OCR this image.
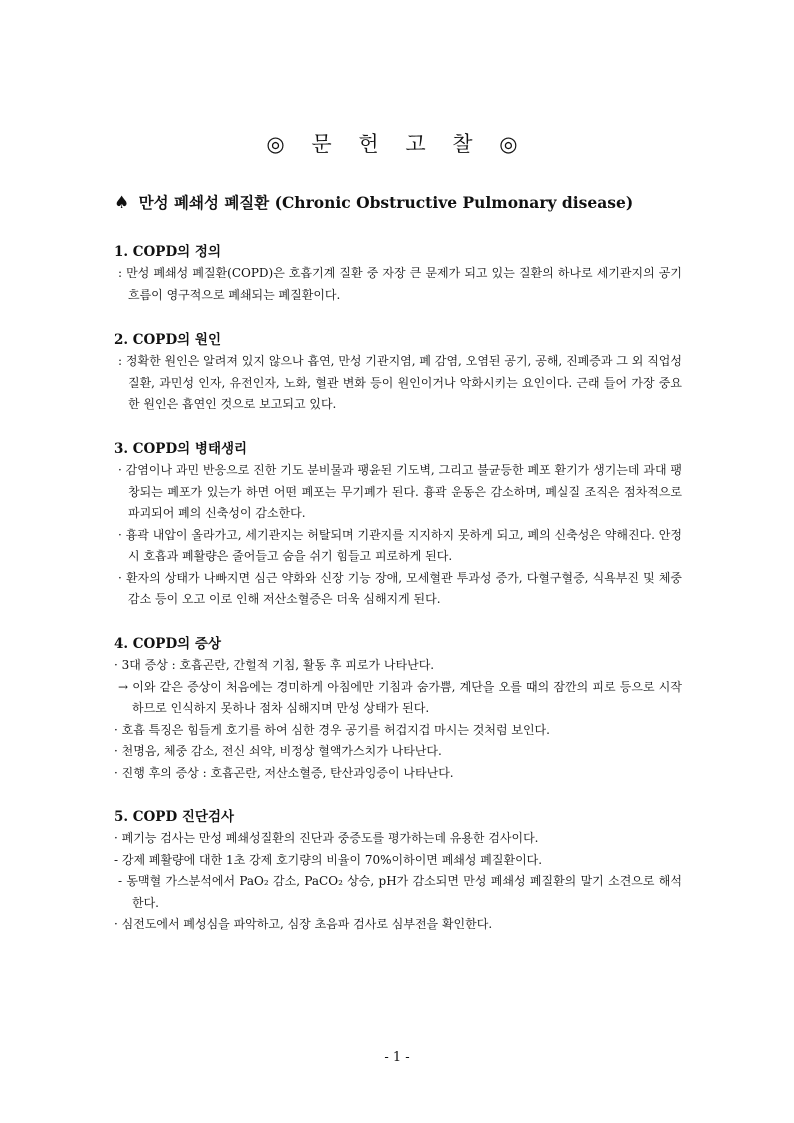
◎ 문 헌 고 찰 ◎
♠ 만성 폐쇄성 폐질환 (Chronic Obstructive Pulmonary disease)
1. COPD의 정의
: 만성 폐쇄성 폐질환(COPD)은 호흡기계 질환 중 자장 큰 문제가 되고 있는 질환의 하나로 세기관지의 공기 흐름이 영구적으로 폐쇄되는 폐질환이다.
2. COPD의 원인
: 정확한 원인은 알려져 있지 않으나 흡연, 만성 기관지염, 폐 감염, 오염된 공기, 공해, 진폐증과 그 외 직업성 질환, 과민성 인자, 유전인자, 노화, 혈관 변화 등이 원인이거나 악화시키는 요인이다. 근래 들어 가장 중요한 원인은 흡연인 것으로 보고되고 있다.
3. COPD의 병태생리
· 감염이나 과민 반응으로 진한 기도 분비물과 팽윤된 기도벽, 그리고 불균등한 폐포 환기가 생기는데 과대 팽창되는 폐포가 있는가 하면 어떤 폐포는 무기폐가 된다. 흉곽 운동은 감소하며, 폐실질 조직은 점차적으로 파괴되어 폐의 신축성이 감소한다.
· 흉곽 내압이 올라가고, 세기관지는 허탈되며 기관지를 지지하지 못하게 되고, 폐의 신축성은 약해진다. 안정시 호흡과 폐활량은 줄어들고 숨을 쉬기 힘들고 피로하게 된다.
· 환자의 상태가 나빠지면 심근 약화와 신장 기능 장애, 모세혈관 투과성 증가, 다혈구혈증, 식욕부진 및 체중감소 등이 오고 이로 인해 저산소혈증은 더욱 심해지게 된다.
4. COPD의 증상
· 3대 증상 : 호흡곤란, 간헐적 기침, 활동 후 피로가 나타난다.
→ 이와 같은 증상이 처음에는 경미하게 아침에만 기침과 숨가쁨, 계단을 오를 때의 잠깐의 피로 등으로 시작하므로 인식하지 못하나 점차 심해지며 만성 상태가 된다.
· 호흡 특징은 힘들게 호기를 하여 심한 경우 공기를 허겁지겁 마시는 것처럼 보인다.
· 천명음, 체중 감소, 전신 쇠약, 비정상 혈액가스치가 나타난다.
· 진행 후의 증상 : 호흡곤란, 저산소혈증, 탄산과잉증이 나타난다.
5. COPD 진단검사
· 폐기능 검사는 만성 폐쇄성질환의 진단과 중증도를 평가하는데 유용한 검사이다.
- 강제 폐활량에 대한 1초 강제 호기량의 비율이 70%이하이면 폐쇄성 폐질환이다.
- 동맥혈 가스분석에서 PaO₂ 감소, PaCO₂ 상승, pH가 감소되면 만성 폐쇄성 폐질환의 말기 소견으로 해석한다.
· 심전도에서 폐성심을 파악하고, 심장 초음파 검사로 심부전을 확인한다.
- 1 -
